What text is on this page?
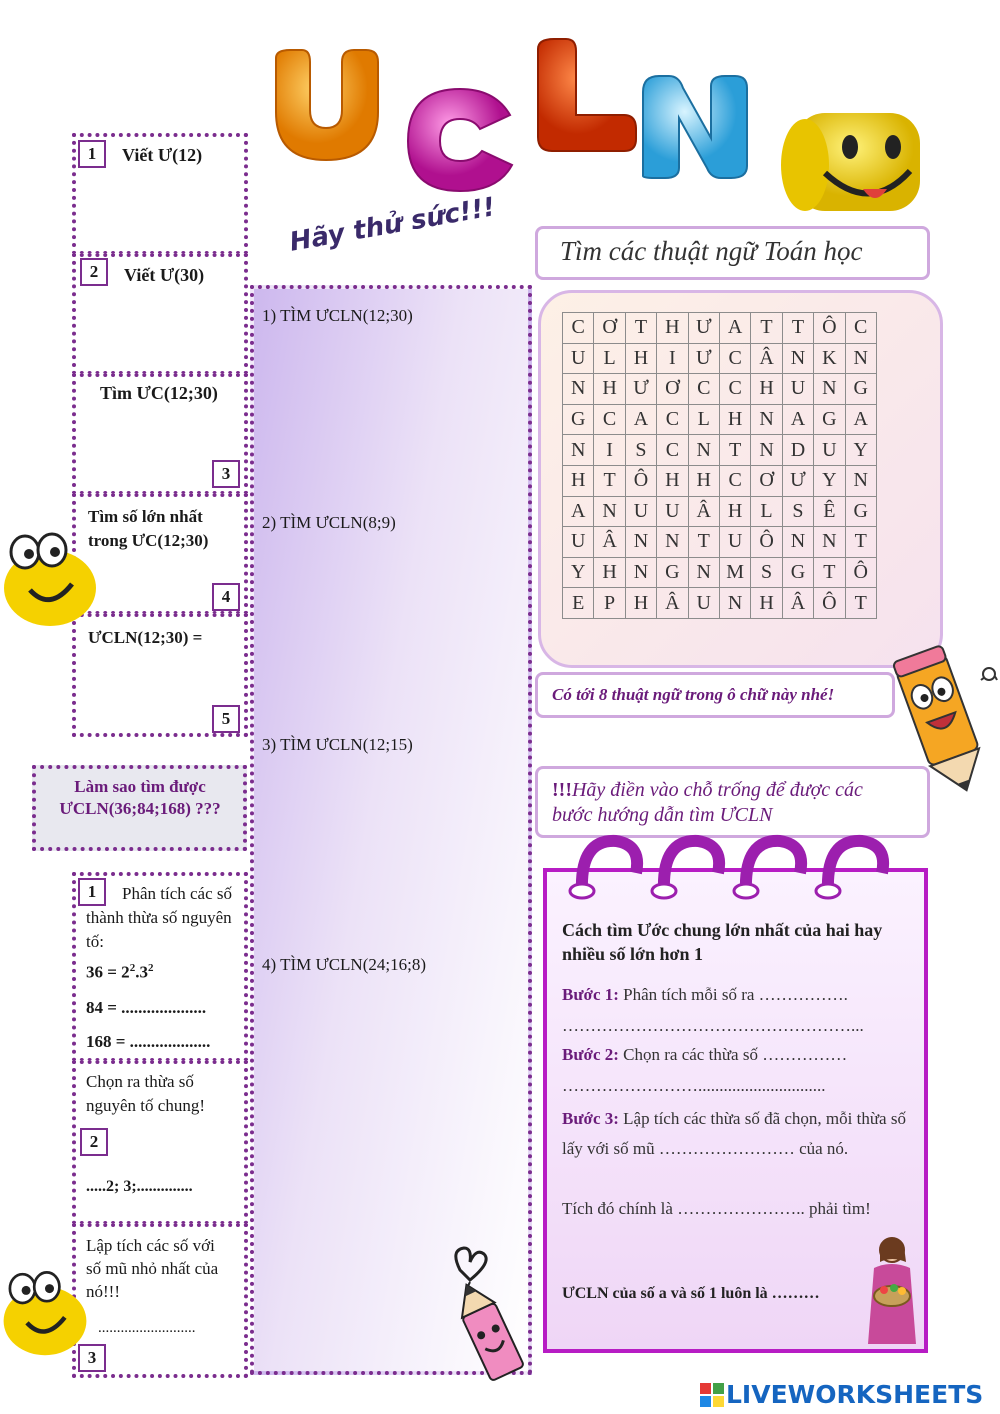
1	Viết Ư(12)
2	Viết Ư(30)
Tìm ƯC(12;30)
3
Tìm số lớn nhất trong ƯC(12;30)
4
ƯCLN(12;30) =
5
Làm sao tìm được ƯCLN(36;84;168) ???
1	Phân tích các số thành thừa số nguyên tố:
$36 = 2^2.3^2$
84 = ....................
168 = ...................
Chọn ra thừa số nguyên tố chung!
2
.....2; 3;..............
Lập tích các số với số mũ nhỏ nhất của nó!!!
..........................
3
Hãy thử sức!!!
1) TÌM ƯCLN(12;30)
2) TÌM ƯCLN(8;9)
3) TÌM ƯCLN(12;15)
4) TÌM ƯCLN(24;16;8)
Tìm các thuật ngữ Toán học
C	Ơ	T	H	Ư	A	T	T	Ô	C
U	L	H	I	Ư	C	Â	N	K	N
N	H	Ư	Ơ	C	C	H	U	N	G
G	C	A	C	L	H	N	A	G	A
N	I	S	C	N	T	N	D	U	Y
H	T	Ô	H	H	C	Ơ	Ư	Y	N
A	N	U	U	Â	H	L	S	Ê	G
U	Â	N	N	T	U	Ô	N	N	T
Y	H	N	G	N	M	S	G	T	Ô
E	P	H	Â	U	N	H	Â	Ô	T
Có tới 8 thuật ngữ trong ô chữ này nhé!
!!!Hãy điền vào chỗ trống để được các bước hướng dẫn tìm ƯCLN
Cách tìm Ước chung lớn nhất của hai hay nhiều số lớn hơn 1
Bước 1: Phân tích mỗi số ra …………….
……………………………………………...
Bước 2: Chọn ra các thừa số ……………
……………………..............................
Bước 3: Lập tích các thừa số đã chọn, mỗi thừa số lấy với số mũ …………………… của nó.
Tích đó chính là ………………….. phải tìm!
ƯCLN của số a và số 1 luôn là ………
LIVEWORKSHEETS
